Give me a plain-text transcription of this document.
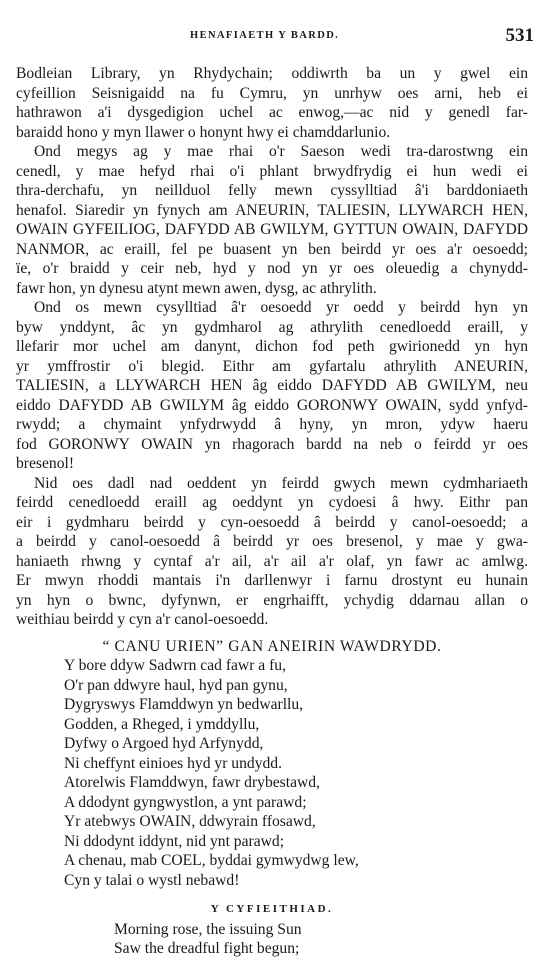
HENAFIAETH Y BARDD.	531
Bodleian Library, yn Rhydychain; oddiwrth ba un y gwel ein
cyfeillion Seisnigaidd na fu Cymru, yn unrhyw oes arni, heb ei
hathrawon a'i dysgedigion uchel ac enwog,—ac nid y genedl far-
baraidd hono y myn llawer o honynt hwy ei chamddarlunio.
Ond megys ag y mae rhai o'r Saeson wedi tra-darostwng ein
cenedl, y mae hefyd rhai o'i phlant brwydfrydig ei hun wedi ei
thra-derchafu, yn neillduol felly mewn cyssylltiad â'i barddoniaeth
henafol. Siaredir yn fynych am ANEURIN, TALIESIN, LLYWARCH HEN,
OWAIN GYFEILIOG, DAFYDD AB GWILYM, GYTTUN OWAIN, DAFYDD
NANMOR, ac eraill, fel pe buasent yn ben beirdd yr oes a'r oesoedd;
ïe, o'r braidd y ceir neb, hyd y nod yn yr oes oleuedig a chynydd-
fawr hon, yn dynesu atynt mewn awen, dysg, ac athrylith.
Ond os mewn cysylltiad â'r oesoedd yr oedd y beirdd hyn yn
byw ynddynt, âc yn gydmharol ag athrylith cenedloedd eraill, y
llefarir mor uchel am danynt, dichon fod peth gwirionedd yn hyn
yr ymffrostir o'i blegid. Eithr am gyfartalu athrylith ANEURIN,
TALIESIN, a LLYWARCH HEN âg eiddo DAFYDD AB GWILYM, neu
eiddo DAFYDD AB GWILYM âg eiddo GORONWY OWAIN, sydd ynfyd-
rwydd; a chymaint ynfydrwydd â hyny, yn mron, ydyw haeru
fod GORONWY OWAIN yn rhagorach bardd na neb o feirdd yr oes
bresenol!
Nid oes dadl nad oeddent yn feirdd gwych mewn cydmhariaeth
feirdd cenedloedd eraill ag oeddynt yn cydoesi â hwy. Eithr pan
eir i gydmharu beirdd y cyn-oesoedd â beirdd y canol-oesoedd; a
a beirdd y canol-oesoedd â beirdd yr oes bresenol, y mae y gwa-
haniaeth rhwng y cyntaf a'r ail, a'r ail a'r olaf, yn fawr ac amlwg.
Er mwyn rhoddi mantais i'n darllenwyr i farnu drostynt eu hunain
yn hyn o bwnc, dyfynwn, er engrhaifft, ychydig ddarnau allan o
weithiau beirdd y cyn a'r canol-oesoedd.
“ CANU URIEN” GAN ANEIRIN WAWDRYDD.
Y bore ddyw Sadwrn cad fawr a fu,
O'r pan ddwyre haul, hyd pan gynu,
Dygryswys Flamddwyn yn bedwarllu,
Godden, a Rheged, i ymddyllu,
Dyfwy o Argoed hyd Arfynydd,
Ni cheffynt einioes hyd yr undydd.
Atorelwis Flamddwyn, fawr drybestawd,
A ddodynt gyngwystlon, a ynt parawd;
Yr atebwys OWAIN, ddwyrain ffosawd,
Ni ddodynt iddynt, nid ynt parawd;
A chenau, mab COEL, byddai gymwydwg lew,
Cyn y talai o wystl nebawd!
Y CYFIEITHIAD.
Morning rose, the issuing Sun
Saw the dreadful fight begun;
